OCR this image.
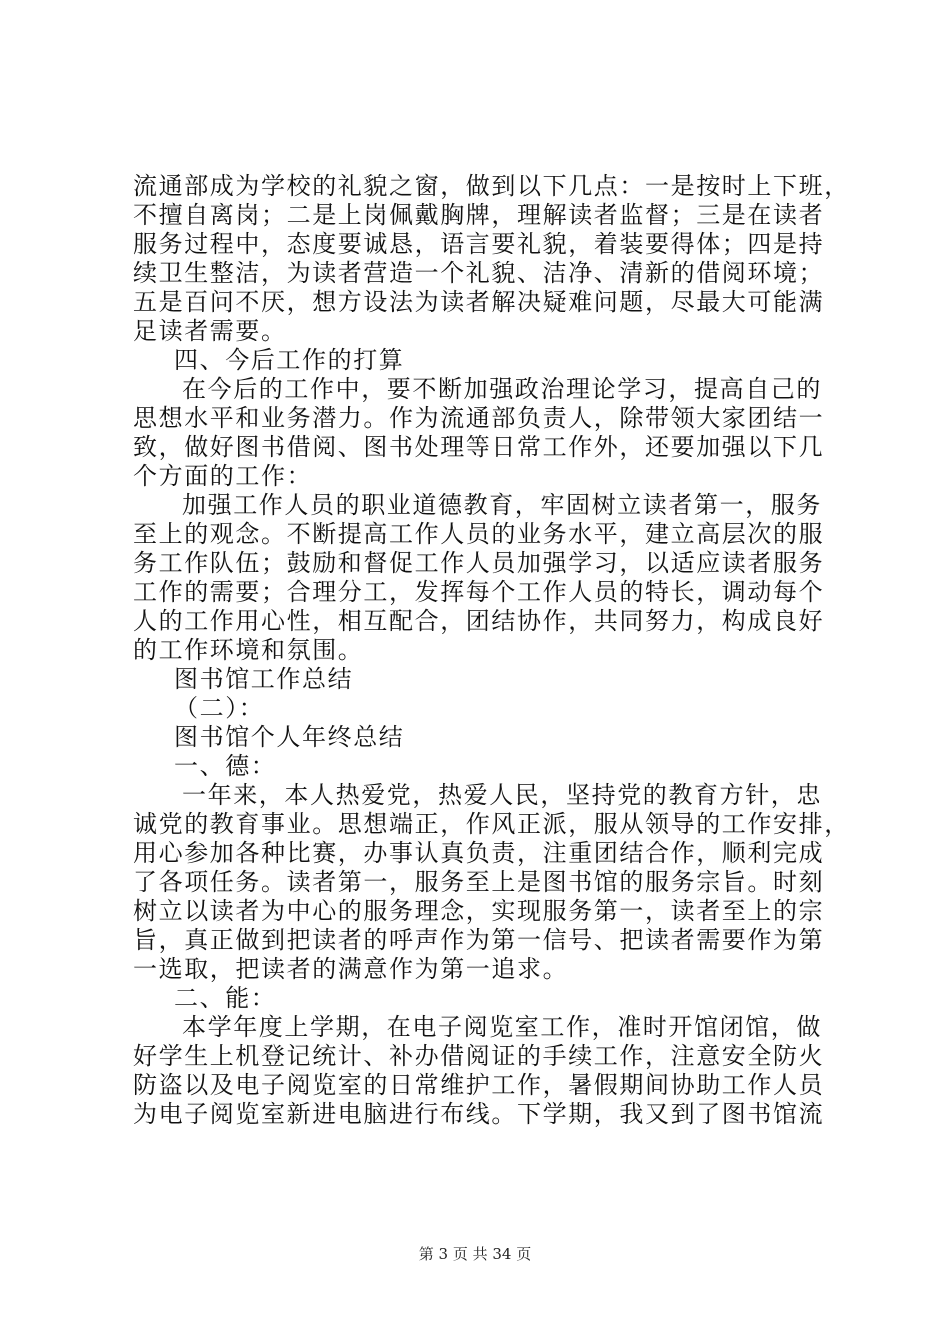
流通部成为学校的礼貌之窗，做到以下几点：一是按时上下班，
不擅自离岗；二是上岗佩戴胸牌，理解读者监督；三是在读者
服务过程中，态度要诚恳，语言要礼貌，着装要得体；四是持
续卫生整洁，为读者营造一个礼貌、洁净、清新的借阅环境；
五是百问不厌，想方设法为读者解决疑难问题，尽最大可能满
足读者需要。
四、今后工作的打算
在今后的工作中，要不断加强政治理论学习，提高自己的
思想水平和业务潜力。作为流通部负责人，除带领大家团结一
致，做好图书借阅、图书处理等日常工作外，还要加强以下几
个方面的工作：
加强工作人员的职业道德教育，牢固树立读者第一，服务
至上的观念。不断提高工作人员的业务水平，建立高层次的服
务工作队伍；鼓励和督促工作人员加强学习，以适应读者服务
工作的需要；合理分工，发挥每个工作人员的特长，调动每个
人的工作用心性，相互配合，团结协作，共同努力，构成良好
的工作环境和氛围。
图书馆工作总结
（二）：
图书馆个人年终总结
一、德：
一年来，本人热爱党，热爱人民，坚持党的教育方针，忠
诚党的教育事业。思想端正，作风正派，服从领导的工作安排，
用心参加各种比赛，办事认真负责，注重团结合作，顺利完成
了各项任务。读者第一，服务至上是图书馆的服务宗旨。时刻
树立以读者为中心的服务理念，实现服务第一，读者至上的宗
旨，真正做到把读者的呼声作为第一信号、把读者需要作为第
一选取，把读者的满意作为第一追求。
二、能：
本学年度上学期，在电子阅览室工作，准时开馆闭馆，做
好学生上机登记统计、补办借阅证的手续工作，注意安全防火
防盗以及电子阅览室的日常维护工作，暑假期间协助工作人员
为电子阅览室新进电脑进行布线。下学期，我又到了图书馆流
第 3 页 共 34 页
